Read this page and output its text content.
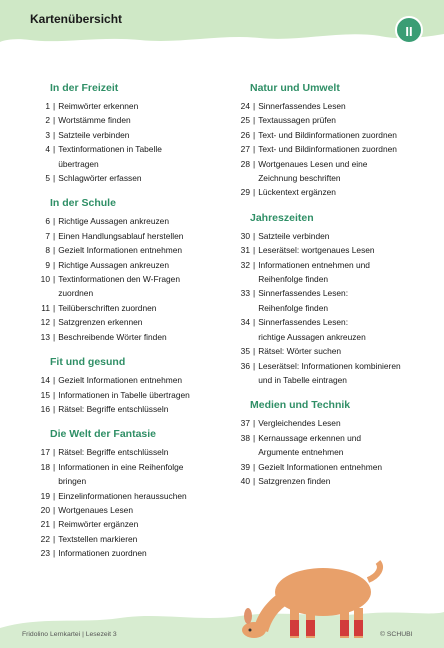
Kartenübersicht
II
In der Freizeit
1 | Reimwörter erkennen
2 | Wortstämme finden
3 | Satzteile verbinden
4 | Textinformationen in Tabelle
übertragen
5 | Schlagwörter erfassen
In der Schule
6 | Richtige Aussagen ankreuzen
7 | Einen Handlungsablauf herstellen
8 | Gezielt Informationen entnehmen
9 | Richtige Aussagen ankreuzen
10 | Textinformationen den W-Fragen
zuordnen
11 | Teilüberschriften zuordnen
12 | Satzgrenzen erkennen
13 | Beschreibende Wörter finden
Fit und gesund
14 | Gezielt Informationen entnehmen
15 | Informationen in Tabelle übertragen
16 | Rätsel: Begriffe entschlüsseln
Die Welt der Fantasie
17 | Rätsel: Begriffe entschlüsseln
18 | Informationen in eine Reihenfolge
bringen
19 | Einzelinformationen heraussuchen
20 | Wortgenaues Lesen
21 | Reimwörter ergänzen
22 | Textstellen markieren
23 | Informationen zuordnen
Natur und Umwelt
24 | Sinnerfassendes Lesen
25 | Textaussagen prüfen
26 | Text- und Bildinformationen zuordnen
27 | Text- und Bildinformationen zuordnen
28 | Wortgenaues Lesen und eine
Zeichnung beschriften
29 | Lückentext ergänzen
Jahreszeiten
30 | Satzteile verbinden
31 | Leserätsel: wortgenaues Lesen
32 | Informationen entnehmen und
Reihenfolge finden
33 | Sinnerfassendes Lesen:
Reihenfolge finden
34 | Sinnerfassendes Lesen:
richtige Aussagen ankreuzen
35 | Rätsel: Wörter suchen
36 | Leserätsel: Informationen kombinieren
und in Tabelle eintragen
Medien und Technik
37 | Vergleichendes Lesen
38 | Kernaussage erkennen und
Argumente entnehmen
39 | Gezielt Informationen entnehmen
40 | Satzgrenzen finden
Fridolino Lernkartei | Lesezeit 3	© SCHUBI
